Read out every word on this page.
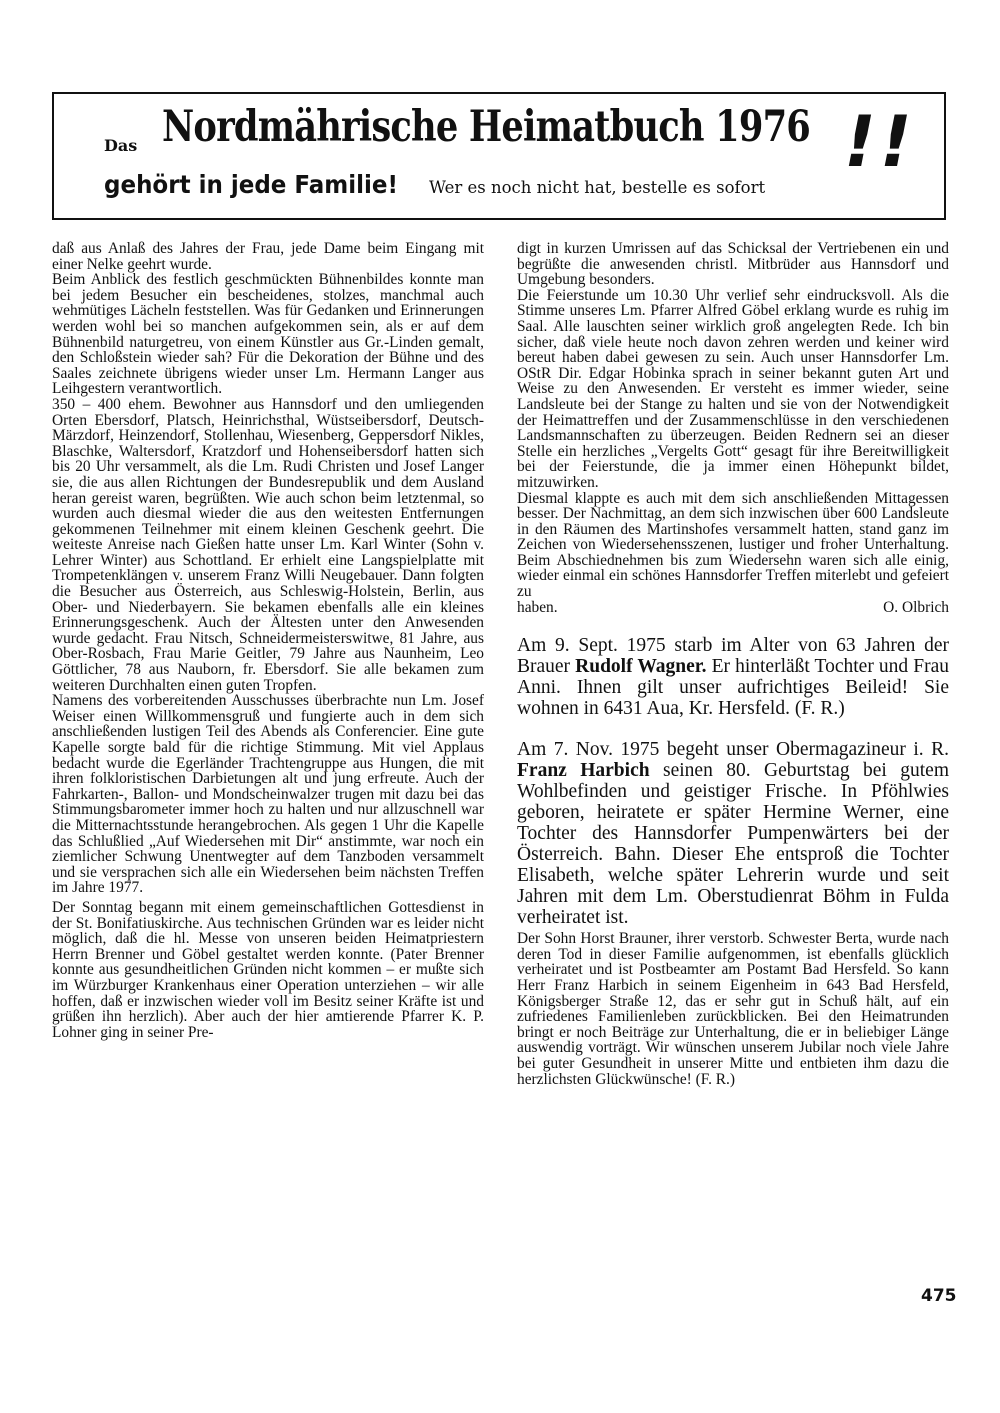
Das Nordmährische Heimatbuch 1976
gehört in jede Familie! Wer es noch nicht hat, bestelle es sofort
!!

daß aus Anlaß des Jahres der Frau, jede Dame beim Eingang mit einer Nelke geehrt wurde.

Beim Anblick des festlich geschmückten Bühnenbildes konnte man bei jedem Besucher ein bescheidenes, stolzes, manchmal auch wehmütiges Lächeln feststellen. Was für Gedanken und Erinnerungen werden wohl bei so manchen aufgekommen sein, als er auf dem Bühnenbild naturgetreu, von einem Künstler aus Gr.-Linden gemalt, den Schloßstein wieder sah? Für die Dekoration der Bühne und des Saales zeichnete übrigens wieder unser Lm. Hermann Langer aus Leihgestern verantwortlich.

350 – 400 ehem. Bewohner aus Hannsdorf und den umliegenden Orten Ebersdorf, Platsch, Heinrichsthal, Wüstseibersdorf, Deutsch-Märzdorf, Heinzendorf, Stollenhau, Wiesenberg, Geppersdorf Nikles, Blaschke, Waltersdorf, Kratzdorf und Hohenseibersdorf hatten sich bis 20 Uhr versammelt, als die Lm. Rudi Christen und Josef Langer sie, die aus allen Richtungen der Bundesrepublik und dem Ausland heran gereist waren, begrüßten. Wie auch schon beim letztenmal, so wurden auch diesmal wieder die aus den weitesten Entfernungen gekommenen Teilnehmer mit einem kleinen Geschenk geehrt. Die weiteste Anreise nach Gießen hatte unser Lm. Karl Winter (Sohn v. Lehrer Winter) aus Schottland. Er erhielt eine Langspielplatte mit Trompetenklängen v. unserem Franz Willi Neugebauer. Dann folgten die Besucher aus Österreich, aus Schleswig-Holstein, Berlin, aus Ober- und Niederbayern. Sie bekamen ebenfalls alle ein kleines Erinnerungsgeschenk. Auch der Ältesten unter den Anwesenden wurde gedacht. Frau Nitsch, Schneidermeisterswitwe, 81 Jahre, aus Ober-Rosbach, Frau Marie Geitler, 79 Jahre aus Naunheim, Leo Göttlicher, 78 aus Nauborn, fr. Ebersdorf. Sie alle bekamen zum weiteren Durchhalten einen guten Tropfen.

Namens des vorbereitenden Ausschusses überbrachte nun Lm. Josef Weiser einen Willkommensgruß und fungierte auch in dem sich anschließenden lustigen Teil des Abends als Conferencier. Eine gute Kapelle sorgte bald für die richtige Stimmung. Mit viel Applaus bedacht wurde die Egerländer Trachtengruppe aus Hungen, die mit ihren folkloristischen Darbietungen alt und jung erfreute. Auch der Fahrkarten-, Ballon- und Mondscheinwalzer trugen mit dazu bei das Stimmungsbarometer immer hoch zu halten und nur allzuschnell war die Mitternachtsstunde herangebrochen. Als gegen 1 Uhr die Kapelle das Schlußlied „Auf Wiedersehen mit Dir“ anstimmte, war noch ein ziemlicher Schwung Unentwegter auf dem Tanzboden versammelt und sie versprachen sich alle ein Wiedersehen beim nächsten Treffen im Jahre 1977.

Der Sonntag begann mit einem gemeinschaftlichen Gottesdienst in der St. Bonifatiuskirche. Aus technischen Gründen war es leider nicht möglich, daß die hl. Messe von unseren beiden Heimatpriestern Herrn Brenner und Göbel gestaltet werden konnte. (Pater Brenner konnte aus gesundheitlichen Gründen nicht kommen – er mußte sich im Würzburger Krankenhaus einer Operation unterziehen – wir alle hoffen, daß er inzwischen wieder voll im Besitz seiner Kräfte ist und grüßen ihn herzlich). Aber auch der hier amtierende Pfarrer K. P. Lohner ging in seiner Pre-

digt in kurzen Umrissen auf das Schicksal der Vertriebenen ein und begrüßte die anwesenden christl. Mitbrüder aus Hannsdorf und Umgebung besonders.

Die Feierstunde um 10.30 Uhr verlief sehr eindrucksvoll. Als die Stimme unseres Lm. Pfarrer Alfred Göbel erklang wurde es ruhig im Saal. Alle lauschten seiner wirklich groß angelegten Rede. Ich bin sicher, daß viele heute noch davon zehren werden und keiner wird bereut haben dabei gewesen zu sein. Auch unser Hannsdorfer Lm. OStR Dir. Edgar Hobinka sprach in seiner bekannt guten Art und Weise zu den Anwesenden. Er versteht es immer wieder, seine Landsleute bei der Stange zu halten und sie von der Notwendigkeit der Heimattreffen und der Zusammenschlüsse in den verschiedenen Landsmannschaften zu überzeugen. Beiden Rednern sei an dieser Stelle ein herzliches „Vergelts Gott“ gesagt für ihre Bereitwilligkeit bei der Feierstunde, die ja immer einen Höhepunkt bildet, mitzuwirken.

Diesmal klappte es auch mit dem sich anschließenden Mittagessen besser. Der Nachmittag, an dem sich inzwischen über 600 Landsleute in den Räumen des Martinshofes versammelt hatten, stand ganz im Zeichen von Wiedersehensszenen, lustiger und froher Unterhaltung. Beim Abschiednehmen bis zum Wiedersehn waren sich alle einig, wieder einmal ein schönes Hannsdorfer Treffen miterlebt und gefeiert zu

haben.	O. Olbrich

Am 9. Sept. 1975 starb im Alter von 63 Jahren der Brauer Rudolf Wagner. Er hinterläßt Tochter und Frau Anni. Ihnen gilt unser aufrichtiges Beileid! Sie wohnen in 6431 Aua, Kr. Hersfeld. (F. R.)

Am 7. Nov. 1975 begeht unser Obermagazineur i. R. Franz Harbich seinen 80. Geburtstag bei gutem Wohlbefinden und geistiger Frische. In Pföhlwies geboren, heiratete er später Hermine Werner, eine Tochter des Hannsdorfer Pumpenwärters bei der Österreich. Bahn. Dieser Ehe entsproß die Tochter Elisabeth, welche später Lehrerin wurde und seit Jahren mit dem Lm. Oberstudienrat Böhm in Fulda verheiratet ist.

Der Sohn Horst Brauner, ihrer verstorb. Schwester Berta, wurde nach deren Tod in dieser Familie aufgenommen, ist ebenfalls glücklich verheiratet und ist Postbeamter am Postamt Bad Hersfeld. So kann Herr Franz Harbich in seinem Eigenheim in 643 Bad Hersfeld, Königsberger Straße 12, das er sehr gut in Schuß hält, auf ein zufriedenes Familienleben zurückblicken. Bei den Heimatrunden bringt er noch Beiträge zur Unterhaltung, die er in beliebiger Länge auswendig vorträgt. Wir wünschen unserem Jubilar noch viele Jahre bei guter Gesundheit in unserer Mitte und entbieten ihm dazu die herzlichsten Glückwünsche! (F. R.)

475
